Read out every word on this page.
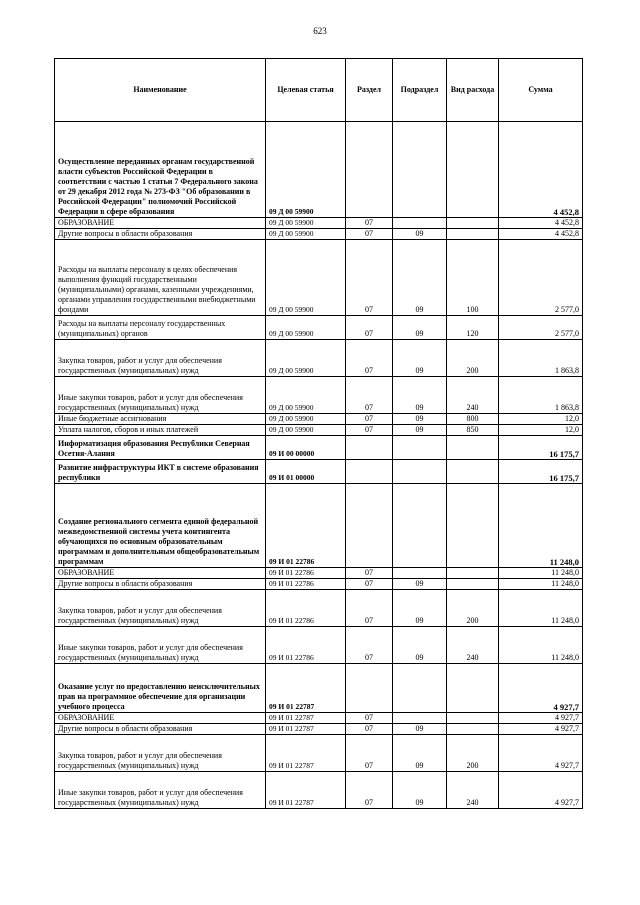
623
Наименование	Целевая статья	Раздел	Подраздел	Вид расхода	Сумма
Осуществление переданных органам государственной власти субъектов Российской Федерации в соответствии с частью 1 статьи 7 Федерального закона от 29 декабря 2012 года № 273-ФЗ "Об образовании в Российской Федерации" полномочий Российской Федерации в сфере образования	09 Д 00 59900				4 452,8
ОБРАЗОВАНИЕ	09 Д 00 59900	07			4 452,8
Другие вопросы в области образования	09 Д 00 59900	07	09		4 452,8
Расходы на выплаты персоналу в целях обеспечения выполнения функций государственными (муниципальными) органами, казенными учреждениями, органами управления государственными внебюджетными фондами	09 Д 00 59900	07	09	100	2 577,0
Расходы на выплаты персоналу государственных (муниципальных) органов	09 Д 00 59900	07	09	120	2 577,0
Закупка товаров, работ и услуг для обеспечения государственных (муниципальных) нужд	09 Д 00 59900	07	09	200	1 863,8
Иные закупки товаров, работ и услуг для обеспечения государственных (муниципальных) нужд	09 Д 00 59900	07	09	240	1 863,8
Иные бюджетные ассигнования	09 Д 00 59900	07	09	800	12,0
Уплата налогов, сборов и иных платежей	09 Д 00 59900	07	09	850	12,0
Информатизация образования Республики Северная Осетия-Алания	09 И 00 00000				16 175,7
Развитие инфраструктуры ИКТ в системе образования республики	09 И 01 00000				16 175,7
Создание регионального сегмента единой федеральной межведомственной системы учета контингента обучающихся по основным образовательным программам и дополнительным общеобразовательным программам	09 И 01 22786				11 248,0
ОБРАЗОВАНИЕ	09 И 01 22786	07			11 248,0
Другие вопросы в области образования	09 И 01 22786	07	09		11 248,0
Закупка товаров, работ и услуг для обеспечения государственных (муниципальных) нужд	09 И 01 22786	07	09	200	11 248,0
Иные закупки товаров, работ и услуг для обеспечения государственных (муниципальных) нужд	09 И 01 22786	07	09	240	11 248,0
Оказание услуг по предоставлению неисключительных прав на программное обеспечение для организации учебного процесса	09 И 01 22787				4 927,7
ОБРАЗОВАНИЕ	09 И 01 22787	07			4 927,7
Другие вопросы в области образования	09 И 01 22787	07	09		4 927,7
Закупка товаров, работ и услуг для обеспечения государственных (муниципальных) нужд	09 И 01 22787	07	09	200	4 927,7
Иные закупки товаров, работ и услуг для обеспечения государственных (муниципальных) нужд	09 И 01 22787	07	09	240	4 927,7
